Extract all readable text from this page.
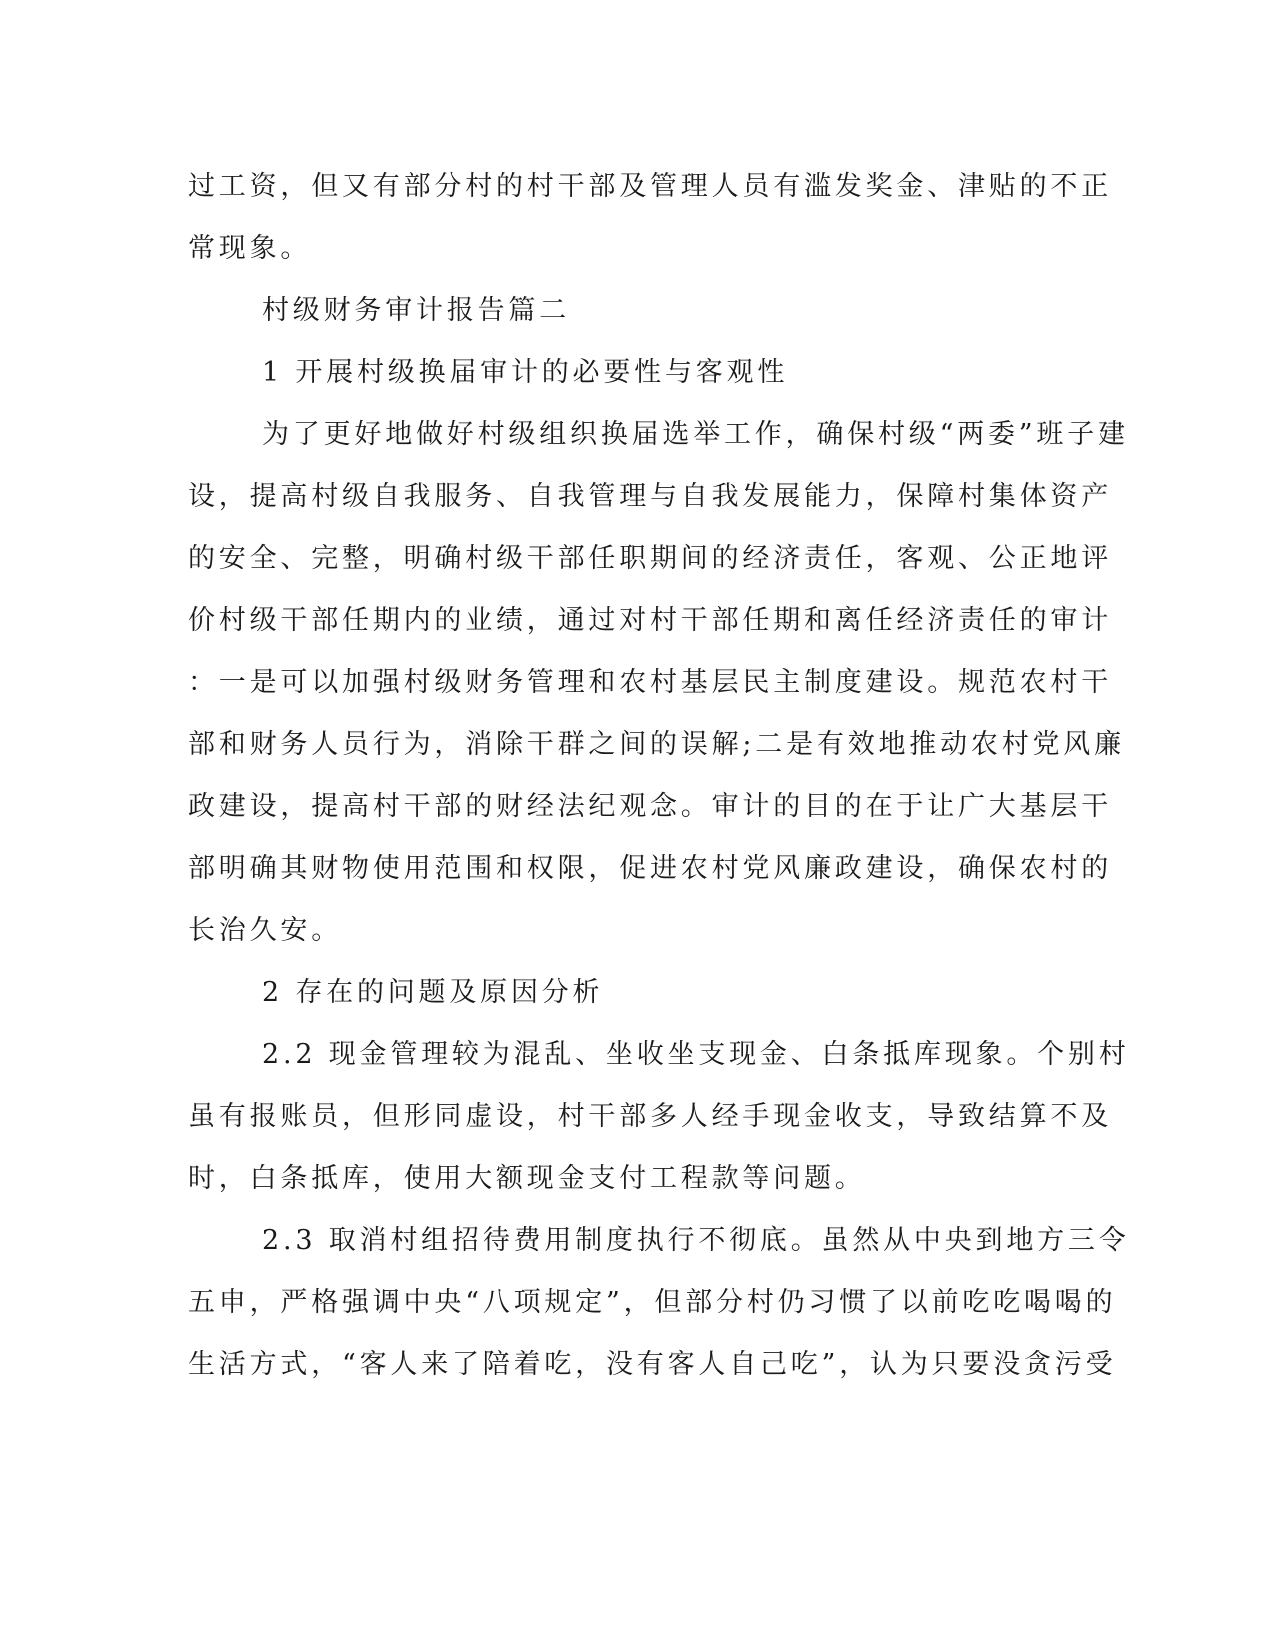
过工资，但又有部分村的村干部及管理人员有滥发奖金、津贴的不正
常现象。
村级财务审计报告篇二
1 开展村级换届审计的必要性与客观性
为了更好地做好村级组织换届选举工作，确保村级“两委”班子建
设，提高村级自我服务、自我管理与自我发展能力，保障村集体资产
的安全、完整，明确村级干部任职期间的经济责任，客观、公正地评
价村级干部任期内的业绩，通过对村干部任期和离任经济责任的审计
：一是可以加强村级财务管理和农村基层民主制度建设。规范农村干
部和财务人员行为，消除干群之间的误解;二是有效地推动农村党风廉
政建设，提高村干部的财经法纪观念。审计的目的在于让广大基层干
部明确其财物使用范围和权限，促进农村党风廉政建设，确保农村的
长治久安。
2 存在的问题及原因分析
2.2 现金管理较为混乱、坐收坐支现金、白条抵库现象。个别村
虽有报账员，但形同虚设，村干部多人经手现金收支，导致结算不及
时，白条抵库，使用大额现金支付工程款等问题。
2.3 取消村组招待费用制度执行不彻底。虽然从中央到地方三令
五申，严格强调中央“八项规定”，但部分村仍习惯了以前吃吃喝喝的
生活方式，“客人来了陪着吃，没有客人自己吃”，认为只要没贪污受
